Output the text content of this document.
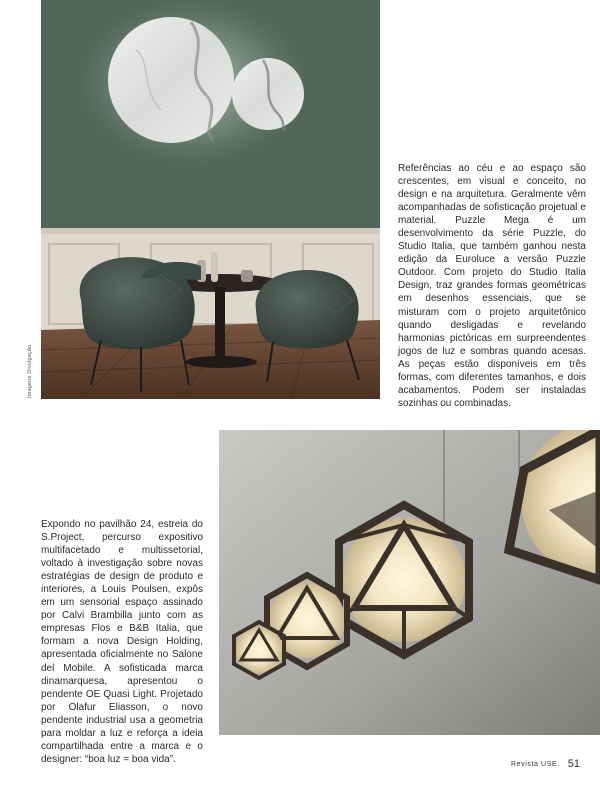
Imagens Divulgação
Referências ao céu e ao espaço são crescentes, em visual e conceito, no design e na arquitetura. Geralmente vêm acompanhadas de sofisticação projetual e material. Puzzle Mega é um desenvolvimento da série Puzzle, do Studio Italia, que também ganhou nesta edição da Euroluce a versão Puzzle Outdoor. Com projeto do Studio Italia Design, traz grandes formas geométricas em desenhos essenciais, que se misturam com o projeto arquitetônico quando desligadas e revelando harmonias pictóricas em surpreendentes jogos de luz e sombras quando acesas. As peças estão disponíveis em três formas, com diferentes tamanhos, e dois acabamentos. Podem ser instaladas sozinhas ou combinadas.
Expondo no pavilhão 24, estreia do S.Project, percurso expositivo multifacetado e multissetorial, voltado à investigação sobre novas estratégias de design de produto e interiores, a Louis Poulsen, expôs em um sensorial espaço assinado por Calvi Brambilla junto com as empresas Flos e B&B Italia, que formam a nova Design Holding, apresentada oficialmente no Salone del Mobile. A sofisticada marca dinamarquesa, apresentou o pendente OE Quasi Light. Projetado por Olafur Eliasson, o novo pendente industrial usa a geometria para moldar a luz e reforça a ideia compartilhada entre a marca e o designer: “boa luz = boa vida”.	Revista USE. 51
